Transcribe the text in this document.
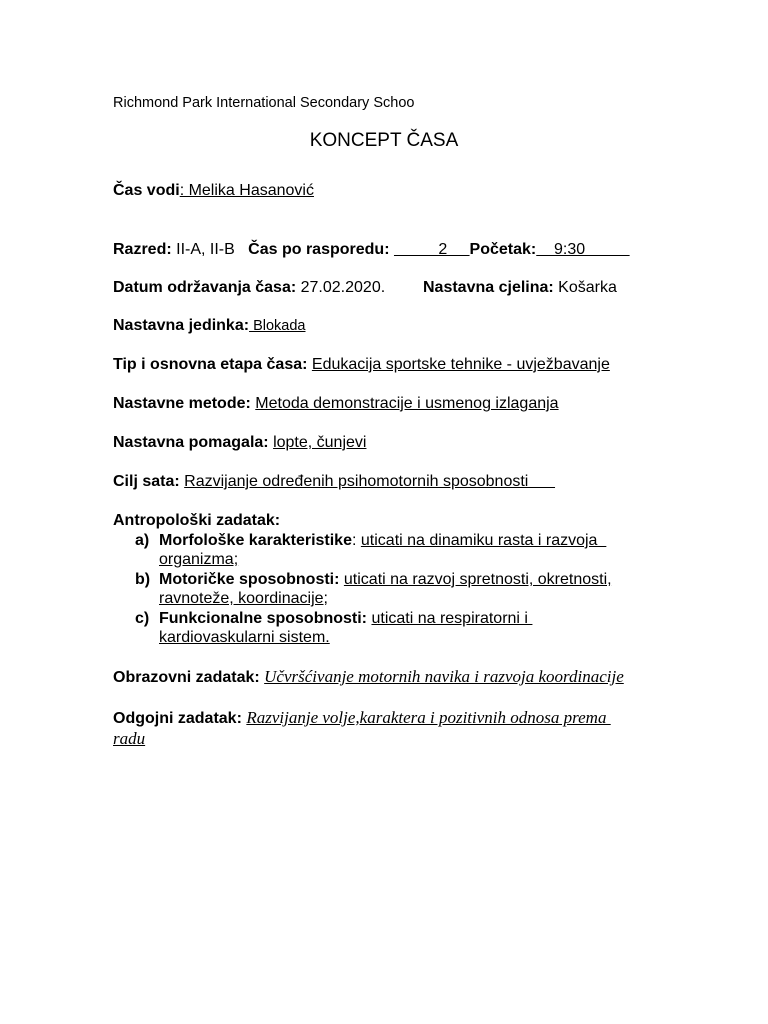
Richmond Park International Secondary Schoo
KONCEPT ČASA
Čas vodi: Melika Hasanović
Razred: II-A, II-B Čas po rasporedu:           2     Početak:    9:30
Datum održavanja časa: 27.02.2020. Nastavna cjelina: Košarka
Nastavna jedinka: Blokada
Tip i osnovna etapa časa: Edukacija sportske tehnike - uvježbavanje
Nastavne metode: Metoda demonstracije i usmenog izlaganja
Nastavna pomagala: lopte, čunjevi
Cilj sata: Razvijanje određenih psihomotornih sposobnosti
Antropološki zadatak:
a) Morfološke karakteristike: uticati na dinamiku rasta i razvoja
organizma;
b) Motoričke sposobnosti: uticati na razvoj spretnosti, okretnosti,
ravnoteže, koordinacije;
c) Funkcionalne sposobnosti: uticati na respiratorni i
kardiovaskularni sistem.
Obrazovni zadatak: Učvršćivanje motornih navika i razvoja koordinacije
Odgojni zadatak: Razvijanje volje,karaktera i pozitivnih odnosa prema
radu
